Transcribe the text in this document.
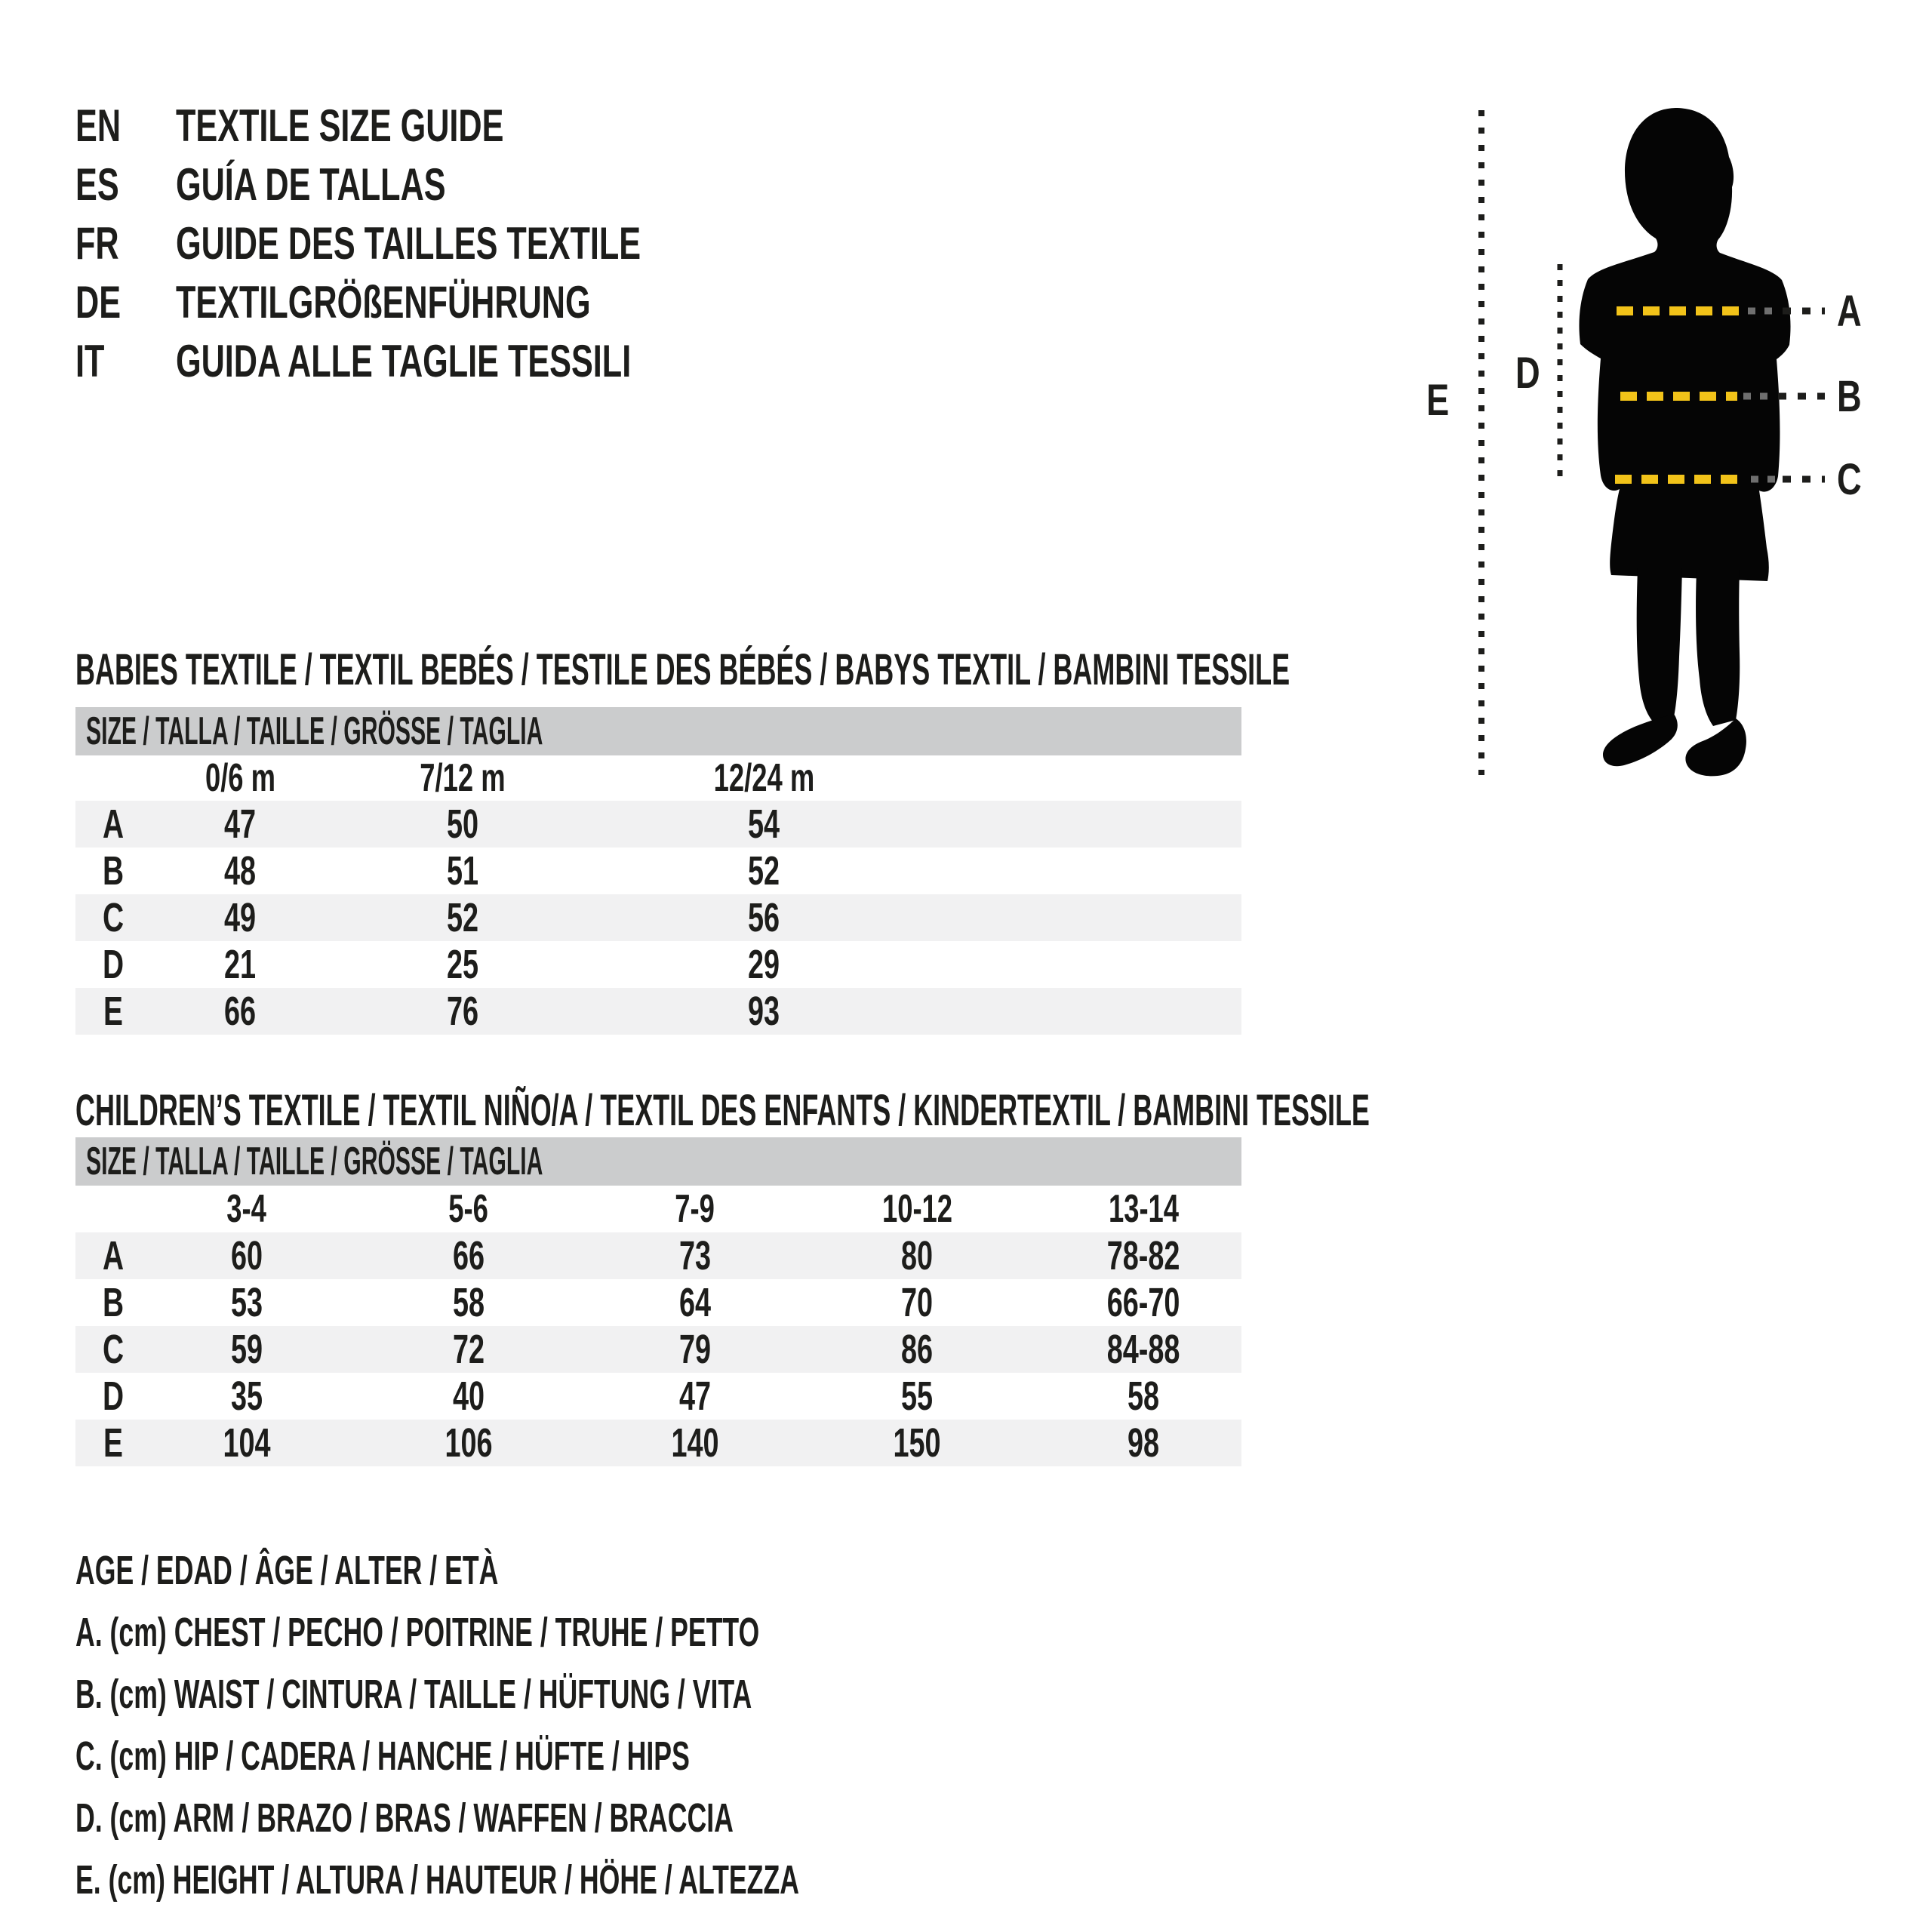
EN	TEXTILE SIZE GUIDE
ES	GUÍA DE TALLAS
FR	GUIDE DES TAILLES TEXTILE
DE	TEXTILGRÖßENFÜHRUNG
IT	GUIDA ALLE TAGLIE TESSILI
A
B
C
D
E
BABIES TEXTILE / TEXTIL BEBÉS / TESTILE DES BÉBÉS / BABYS TEXTIL / BAMBINI TESSILE
SIZE / TALLA / TAILLE / GRÖSSE / TAGLIA
	0/6 m	7/12 m	12/24 m	
A	47	50	54	
B	48	51	52	
C	49	52	56	
D	21	25	29	
E	66	76	93	
CHILDREN’S TEXTILE / TEXTIL NIÑO/A / TEXTIL DES ENFANTS / KINDERTEXTIL / BAMBINI TESSILE
SIZE / TALLA / TAILLE / GRÖSSE / TAGLIA
	3-4	5-6	7-9	10-12	13-14
A	60	66	73	80	78-82
B	53	58	64	70	66-70
C	59	72	79	86	84-88
D	35	40	47	55	58
E	104	106	140	150	98
AGE / EDAD / ÂGE / ALTER / ETÀ
A. (cm) CHEST / PECHO / POITRINE / TRUHE / PETTO
B. (cm) WAIST / CINTURA / TAILLE / HÜFTUNG / VITA
C. (cm) HIP / CADERA / HANCHE / HÜFTE / HIPS
D. (cm) ARM / BRAZO / BRAS / WAFFEN / BRACCIA
E. (cm) HEIGHT / ALTURA / HAUTEUR / HÖHE / ALTEZZA
